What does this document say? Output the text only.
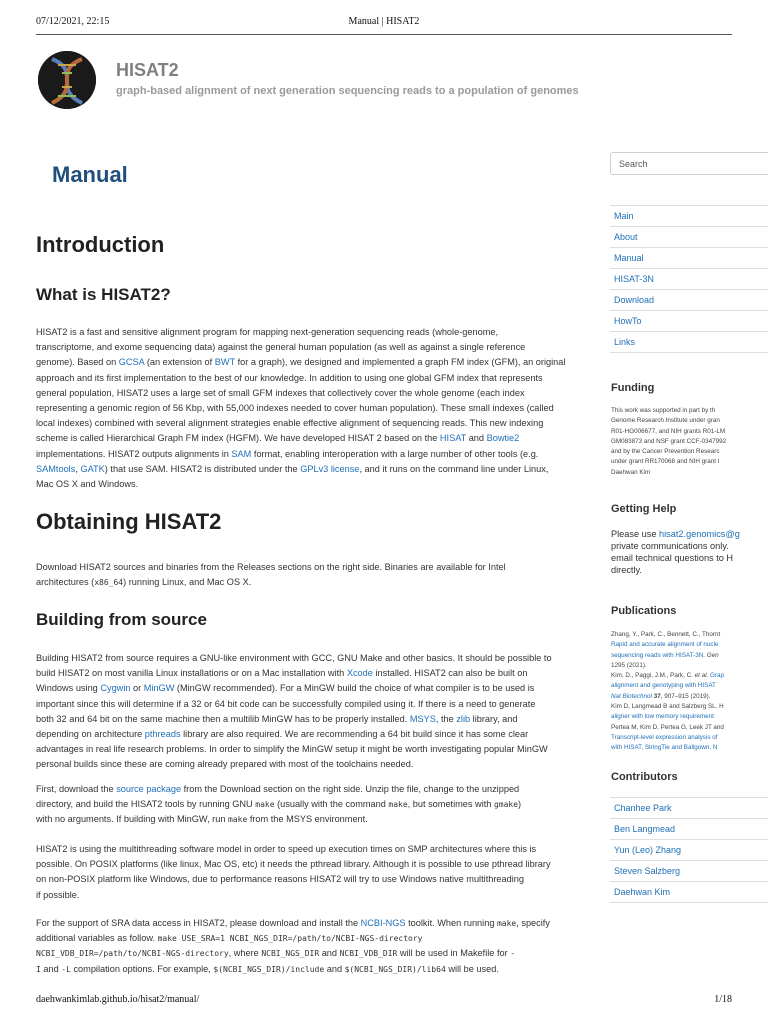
07/12/2021, 22:15	Manual | HISAT2
HISAT2
graph-based alignment of next generation sequencing reads to a population of genomes
Manual
Introduction
What is HISAT2?
HISAT2 is a fast and sensitive alignment program for mapping next-generation sequencing reads (whole-genome,
transcriptome, and exome sequencing data) against the general human population (as well as against a single reference
genome). Based on GCSA (an extension of BWT for a graph), we designed and implemented a graph FM index (GFM), an original
approach and its first implementation to the best of our knowledge. In addition to using one global GFM index that represents
general population, HISAT2 uses a large set of small GFM indexes that collectively cover the whole genome (each index
representing a genomic region of 56 Kbp, with 55,000 indexes needed to cover human population). These small indexes (called
local indexes) combined with several alignment strategies enable effective alignment of sequencing reads. This new indexing
scheme is called Hierarchical Graph FM index (HGFM). We have developed HISAT 2 based on the HISAT and Bowtie2
implementations. HISAT2 outputs alignments in SAM format, enabling interoperation with a large number of other tools (e.g.
SAMtools, GATK) that use SAM. HISAT2 is distributed under the GPLv3 license, and it runs on the command line under Linux,
Mac OS X and Windows.
Obtaining HISAT2
Download HISAT2 sources and binaries from the Releases sections on the right side. Binaries are available for Intel
architectures (x86_64) running Linux, and Mac OS X.
Building from source
Building HISAT2 from source requires a GNU-like environment with GCC, GNU Make and other basics. It should be possible to
build HISAT2 on most vanilla Linux installations or on a Mac installation with Xcode installed. HISAT2 can also be built on
Windows using Cygwin or MinGW (MinGW recommended). For a MinGW build the choice of what compiler is to be used is
important since this will determine if a 32 or 64 bit code can be successfully compiled using it. If there is a need to generate
both 32 and 64 bit on the same machine then a multilib MinGW has to be properly installed. MSYS, the zlib library, and
depending on architecture pthreads library are also required. We are recommending a 64 bit build since it has some clear
advantages in real life research problems. In order to simplify the MinGW setup it might be worth investigating popular MinGW
personal builds since these are coming already prepared with most of the toolchains needed.
First, download the source package from the Download section on the right side. Unzip the file, change to the unzipped
directory, and build the HISAT2 tools by running GNU make (usually with the command make, but sometimes with gmake)
with no arguments. If building with MinGW, run make from the MSYS environment.
HISAT2 is using the multithreading software model in order to speed up execution times on SMP architectures where this is
possible. On POSIX platforms (like linux, Mac OS, etc) it needs the pthread library. Although it is possible to use pthread library
on non-POSIX platform like Windows, due to performance reasons HISAT2 will try to use Windows native multithreading
if possible.
For the support of SRA data access in HISAT2, please download and install the NCBI-NGS toolkit. When running make, specify
additional variables as follow. make USE_SRA=1 NCBI_NGS_DIR=/path/to/NCBI-NGS-directory
NCBI_VDB_DIR=/path/to/NCBI-NGS-directory, where NCBI_NGS_DIR and NCBI_VDB_DIR will be used in Makefile for -
I and -L compilation options. For example, $(NCBI_NGS_DIR)/include and $(NCBI_NGS_DIR)/lib64 will be used.
Search
Main
About
Manual
HISAT-3N
Download
HowTo
Links
Funding
This work was supported in part by th
Genome Research Institute under gran
R01-HG006677, and NIH grants R01-LM
GM083873 and NSF grant CCF-0347992
and by the Cancer Prevention Researc
under grant RR170068 and NIH grant I
Daehwan Kim
Getting Help
Please use hisat2.genomics@g
private communications only.
email technical questions to H
directly.
Publications
Zhang, Y., Park, C., Bennett, C., Thornt
Rapid and accurate alignment of nucle
sequencing reads with HISAT-3N. Gen
1295 (2021).
Kim, D., Paggi, J.M., Park, C. et al. Grap
alignment and genotyping with HISAT
Nat Biotechnol 37, 907–915 (2019).
Kim D, Langmead B and Salzberg SL. H
aligner with low memory requirement
Pertea M, Kim D, Pertea G, Leek JT and
Transcript-level expression analysis of
with HISAT, StringTie and Ballgown. N
Contributors
Chanhee Park
Ben Langmead
Yun (Leo) Zhang
Steven Salzberg
Daehwan Kim
daehwankimlab.github.io/hisat2/manual/	1/18
